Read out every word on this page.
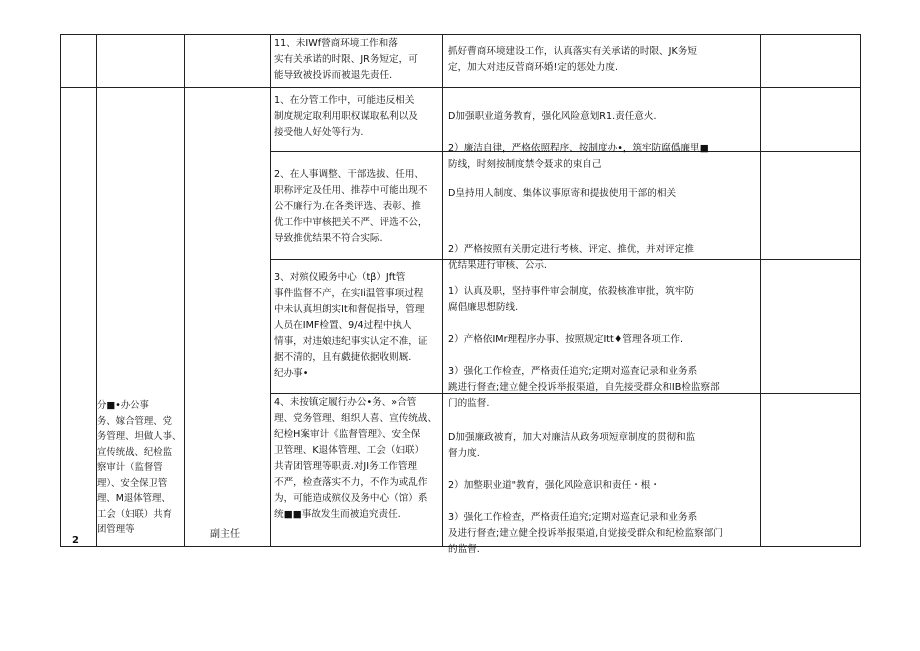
11、未IWf營商环境工作和落
实有关承诺的时限、JR务短定，可
能导致被投诉而被退先责任.
抓好曹商环境建设工作，认真落实有关承诺的时限、JK务短
定，加大对违反菅商环婚!定的惩处力度.
2
分■•办公事
务、嫁合管理、党
务管理、坦做人亊、
宣传统战、纪检监
察审计（监督管
理）、安全保卫管
理、M退体管理、
工会（妇联）共育
团管理等	副主任
1、在分管工作中，可能违反相关
制度规定取利用职权谋取私利以及
接受他人好处等行为.

D加强职业道务教育，强化风险意划R1.责任意火.

2）廉洁自律，严格依照程序、按制度办•，筑牢防腐僞廉里■
防线，时刻按制度禁令聂求的束自己

2、在人事调整、干部选拔、任用、
职称评定及任用、推荐中可能出现不
公不廉行为.在各类评选、表彰、推
优工作中审核把关不严、评选不公，
导致推优结果不符合实际.

D皇持用人制度、集体议事原寄和提拔使用干部的相关

2）严格按照有关册定进行考核、评定、推优，并对评定推
优结果进行审核、公示.

3、对殡仪殿务中心（tβ）Jft管
事件监督不产，在实Ii温管事项过程
中未认真坦朗实It和督促指导，管理
人员在IMF检置、9/4过程中执人
情事，对违娘违纪事实认定不准，证
据不清的，且有戯捷依据收则厩.
纪办事•

1）认真及职，坚持事件审会制度，依殺核准审批，筑牢防
腐倡廉思想防线.

2）产格依IMr理程序办事、按照规定Itt♦管理各项工作.

3）强化工作检查，严格责任追究;定期对巡査记录和业务系
跳进行督查;建立健全投诉举报渠道，自先接受群众和IB检监察部
门的监督.

4、未按镇定履行办公•务、»合管
理、党务管理、组织人喜、宣传统战、
纪检H案审计《监督管理》、安全保
卫管理、K退体管理、工会（妇联）
共青团管理等职责.对JI务工作管理
不严，检查落实不力，不作为或乱作
为，可能造成殡仪及务中心（馆）系
统■■事故发生而被追究责任.

D加强廉政被育，加大对廉洁从政务项短章制度的贯彻和监
督力度.

2）加整职业道"教育，强化风险意识和责任・根・

3）强化工作检查，严格责任追究;定期对巡査记录和业务系
及进行督查;建立健全投诉举报渠道,自觉接受群众和纪检监察部门
的监督.
